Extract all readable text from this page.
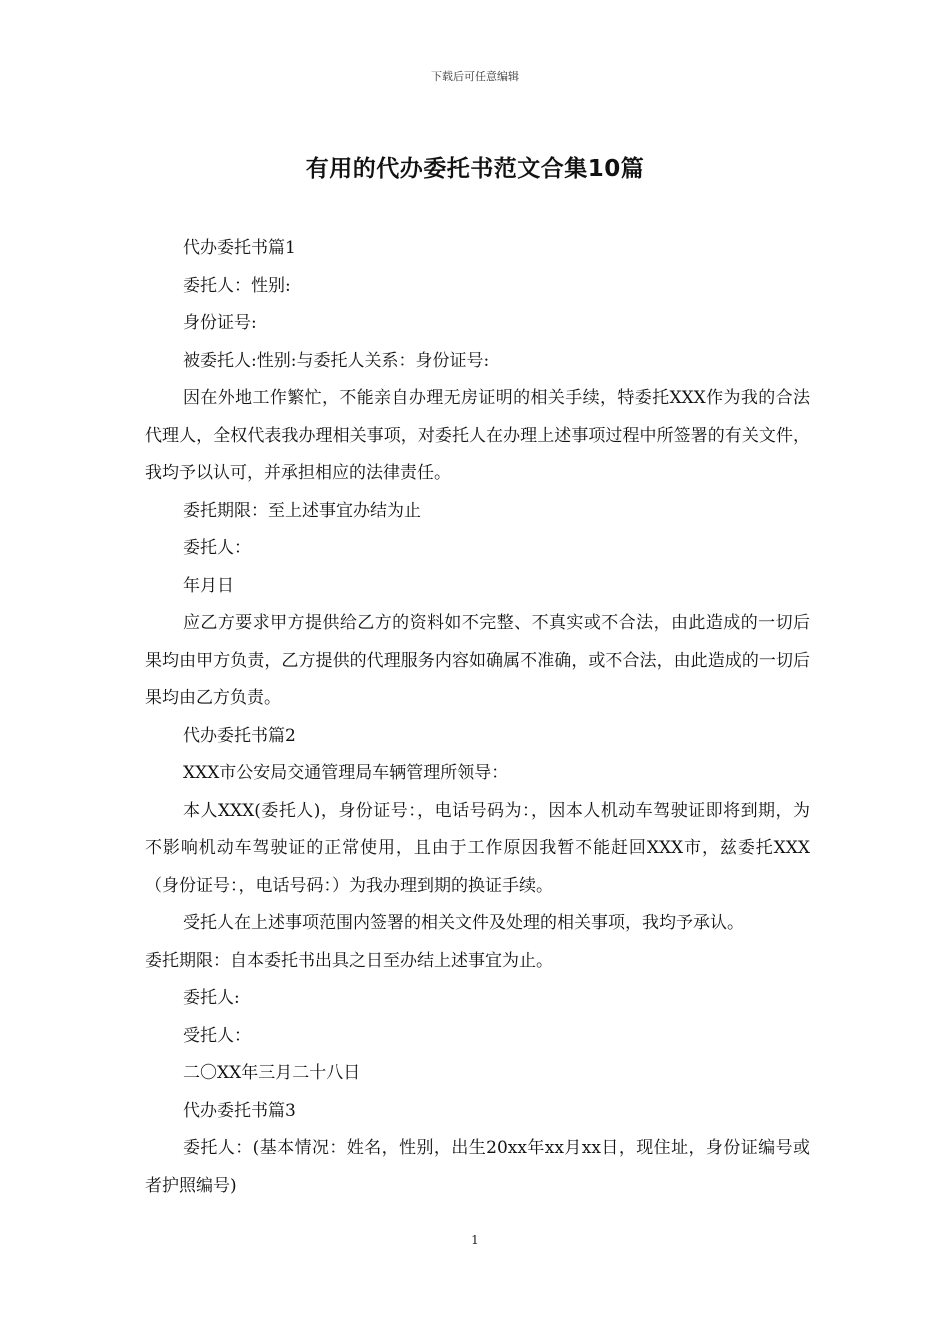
下载后可任意编辑
有用的代办委托书范文合集10篇

代办委托书篇1

委托人：性别:

身份证号:

被委托人:性别:与委托人关系：身份证号:

因在外地工作繁忙，不能亲自办理无房证明的相关手续，特委托XXX作为我的合法代理人，全权代表我办理相关事项，对委托人在办理上述事项过程中所签署的有关文件，我均予以认可，并承担相应的法律责任。

委托期限：至上述事宜办结为止

委托人：

年月日

应乙方要求甲方提供给乙方的资料如不完整、不真实或不合法，由此造成的一切后果均由甲方负责，乙方提供的代理服务内容如确属不准确，或不合法，由此造成的一切后果均由乙方负责。

代办委托书篇2

XXX市公安局交通管理局车辆管理所领导：

本人XXX(委托人)，身份证号：，电话号码为：，因本人机动车驾驶证即将到期，为不影响机动车驾驶证的正常使用，且由于工作原因我暂不能赶回XXX市，兹委托XXX（身份证号：，电话号码：）为我办理到期的换证手续。

受托人在上述事项范围内签署的相关文件及处理的相关事项，我均予承认。

委托期限：自本委托书出具之日至办结上述事宜为止。

委托人:

受托人：

二〇XX年三月二十八日

代办委托书篇3

委托人：(基本情况：姓名，性别，出生20xx年xx月xx日，现住址，身份证编号或者护照编号)

1
